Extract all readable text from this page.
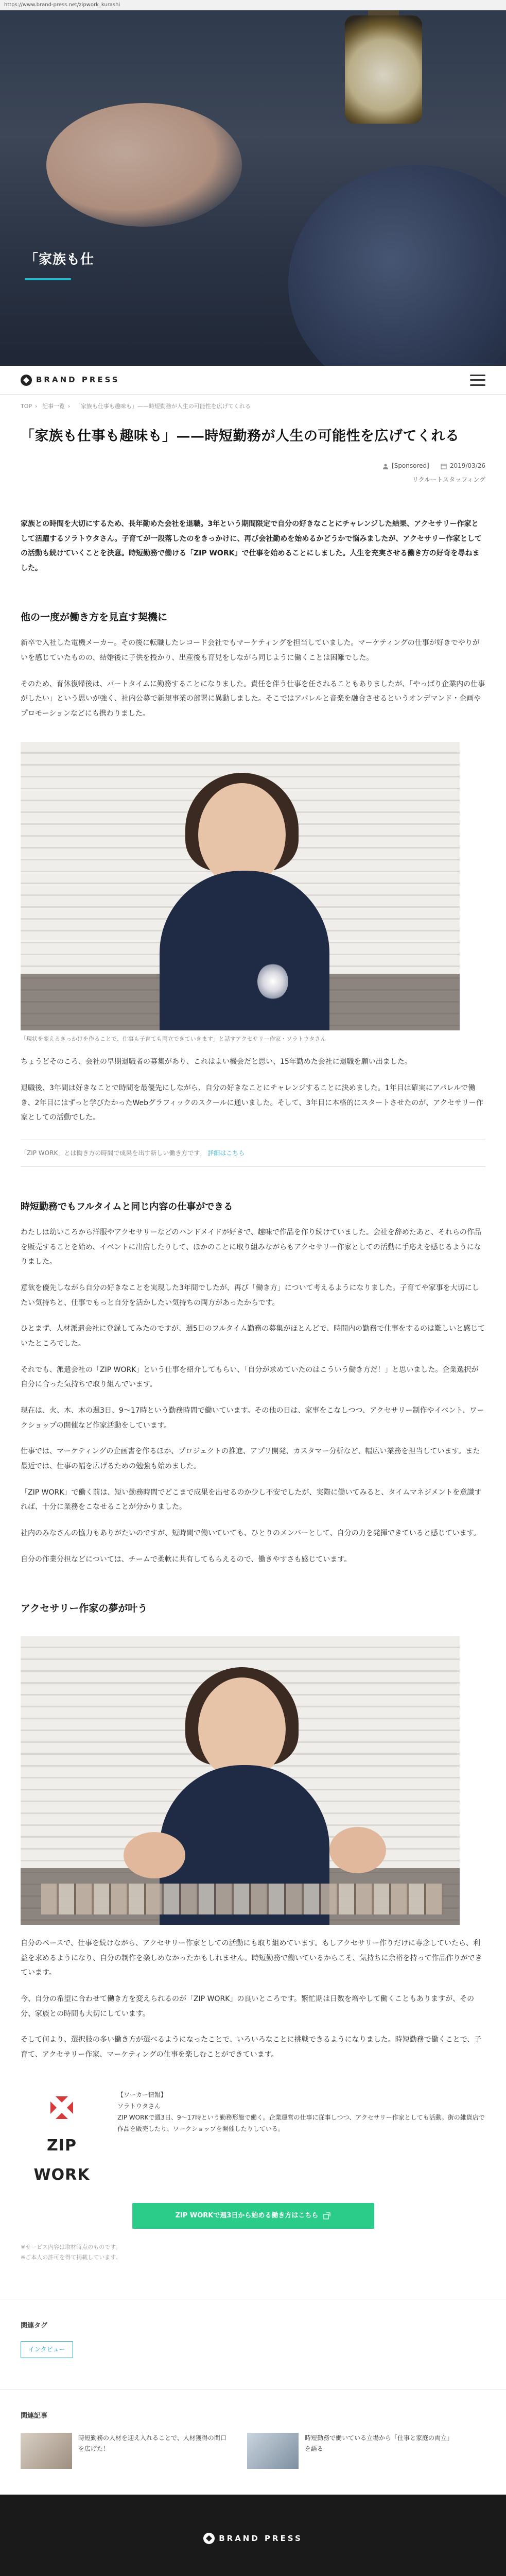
https://www.brand-press.net/zipwork_kurashi
「家族も仕
BRAND PRESS
TOP › 記事一覧 › 「家族も仕事も趣味も」——時短勤務が人生の可能性を広げてくれる
「家族も仕事も趣味も」——時短勤務が人生の可能性を広げてくれる
[Sponsored]	2019/03/26
リクルートスタッフィング

家族との時間を大切にするため、長年勤めた会社を退職。3年という期間限定で自分の好きなことにチャレンジした結果、アクセサリー作家として活躍するソラトウタさん。子育てが一段落したのをきっかけに、再び会社勤めを始めるかどうかで悩みましたが、アクセサリー作家としての活動も続けていくことを決意。時短勤務で働ける「ZIP WORK」で仕事を始めることにしました。人生を充実させる働き方の好奇を尋ねました。

他の一度が働き方を見直す契機に

新卒で入社した電機メーカー。その後に転職したレコード会社でもマーケティングを担当していました。マーケティングの仕事が好きでやりがいを感じていたものの、結婚後に子供を授かり、出産後も育児をしながら同じように働くことは困難でした。

そのため、育休復帰後は、パートタイムに勤務することになりました。責任を伴う仕事を任されることもありましたが、「やっぱり企業内の仕事がしたい」という思いが強く、社内公募で新規事業の部署に異動しました。そこではアパレルと音楽を融合させるというオンデマンド・企画やプロモーションなどにも携わりました。

「現状を変えるきっかけを作ることで、仕事も子育ても両立できていきます」と話すアクセサリー作家・ソラトウタさん

ちょうどそのころ、会社の早期退職者の募集があり、これはよい機会だと思い、15年勤めた会社に退職を願い出ました。

退職後、3年間は好きなことで時間を最優先にしながら、自分の好きなことにチャレンジすることに決めました。1年目は確実にアパレルで働き、2年目にはずっと学びたかったWebグラフィックのスクールに通いました。そして、3年目に本格的にスタートさせたのが、アクセサリー作家としての活動でした。

「ZIP WORK」とは働き方の時間で成果を出す新しい働き方です。 詳細はこちら
時短勤務でもフルタイムと同じ内容の仕事ができる

わたしは幼いころから洋服やアクセサリーなどのハンドメイドが好きで、趣味で作品を作り続けていました。会社を辞めたあと、それらの作品を販売することを始め、イベントに出店したりして、ほかのことに取り組みながらもアクセサリー作家としての活動に手応えを感じるようになりました。

意欲を優先しながら自分の好きなことを実現した3年間でしたが、再び「働き方」について考えるようになりました。子育てや家事を大切にしたい気持ちと、仕事でもっと自分を活かしたい気持ちの両方があったからです。

ひとまず、人材派遣会社に登録してみたのですが、週5日のフルタイム勤務の募集がほとんどで、時間内の勤務で仕事をするのは難しいと感じていたところでした。

それでも、派遣会社の「ZIP WORK」という仕事を紹介してもらい、「自分が求めていたのはこういう働き方だ！」と思いました。企業選択が自分に合った気持ちで取り組んでいます。

現在は、火、木、木の週3日、9～17時という勤務時間で働いています。その他の日は、家事をこなしつつ、アクセサリー制作やイベント、ワークショップの開催など作家活動をしています。

仕事では、マーケティングの企画書を作るほか、プロジェクトの推進、アプリ開発、カスタマー分析など、幅広い業務を担当しています。また最近では、仕事の幅を広げるための勉強も始めました。

「ZIP WORK」で働く前は、短い勤務時間でどこまで成果を出せるのか少し不安でしたが、実際に働いてみると、タイムマネジメントを意識すれば、十分に業務をこなせることが分かりました。

社内のみなさんの協力もありがたいのですが、短時間で働いていても、ひとりのメンバーとして、自分の力を発揮できていると感じています。

自分の作業分担などについては、チームで柔軟に共有してもらえるので、働きやすさも感じています。

アクセサリー作家の夢が叶う

自分のペースで、仕事を続けながら、アクセサリー作家としての活動にも取り組めています。もしアクセサリー作りだけに専念していたら、利益を求めるようになり、自分の制作を楽しめなかったかもしれません。時短勤務で働いているからこそ、気持ちに余裕を持って作品作りができています。

今、自分の希望に合わせて働き方を変えられるのが「ZIP WORK」の良いところです。繁忙期は日数を増やして働くこともありますが、その分、家族との時間も大切にしています。

そして何より、選択肢の多い働き方が選べるようになったことで、いろいろなことに挑戦できるようになりました。時短勤務で働くことで、子育て、アクセサリー作家、マーケティングの仕事を楽しむことができています。

ZIP WORK
【ワーカー情報】
ソラトウタさん
ZIP WORKで週3日、9～17時という勤務形態で働く。企業運営の仕事に従事しつつ、アクセサリー作家としても活動。街の雑貨店で作品を販売したり、ワークショップを開催したりしている。
ZIP WORKで週3日から始める働き方はこちら
※サービス内容は取材時点のものです。
※ご本人の許可を得て掲載しています。
関連タグ
インタビュー
関連記事
時短勤務の人材を迎え入れることで、人材獲得の間口を広げた！
時短勤務で働いている立場から「仕事と家庭の両立」を語る
BRAND PRESS
